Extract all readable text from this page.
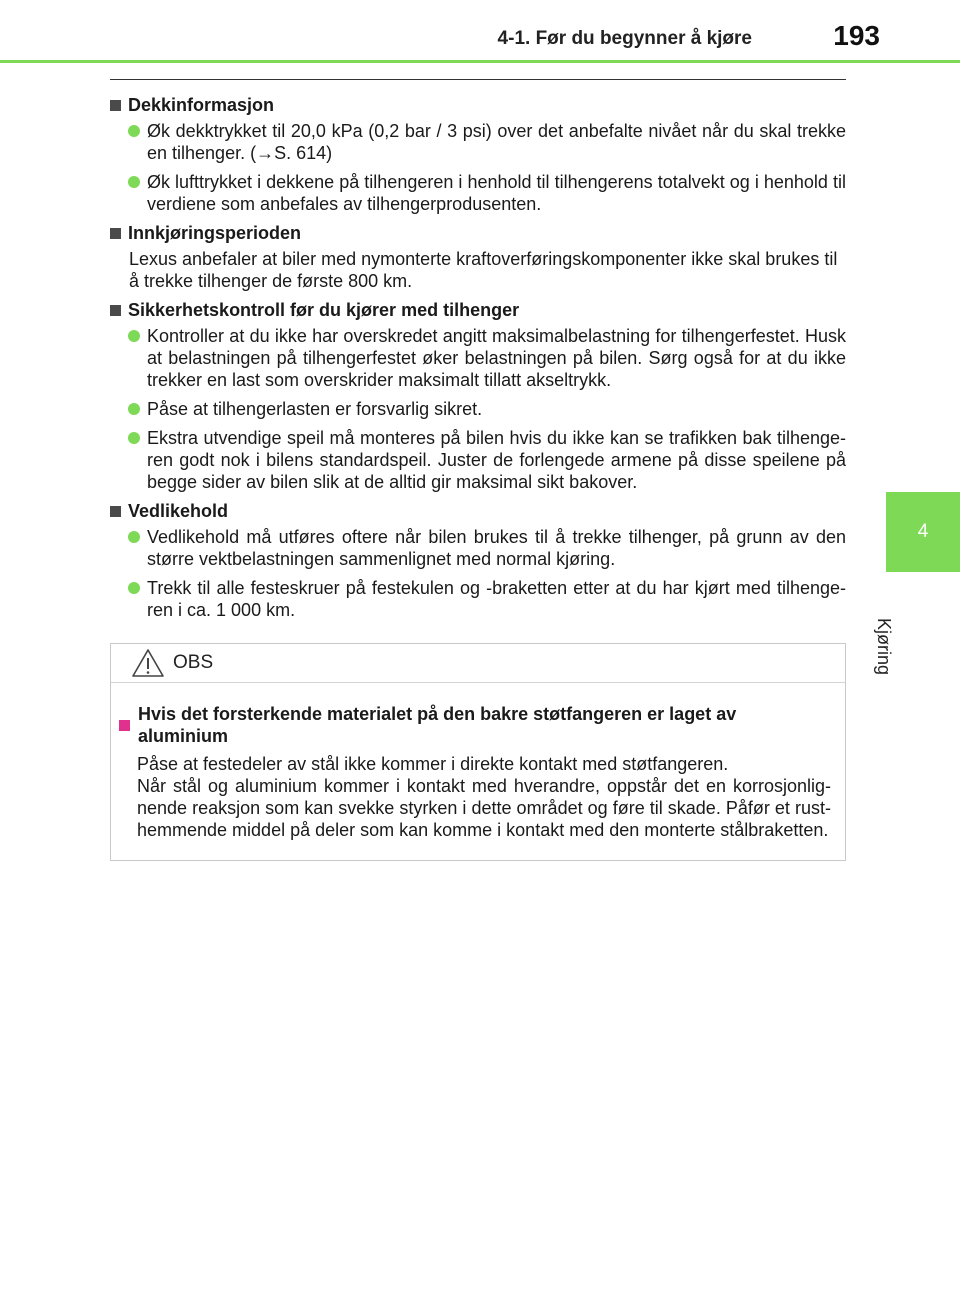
4-1. Før du begynner å kjøre	193
4
Kjøring
Dekkinformasjon
Øk dekktrykket til 20,0 kPa (0,2 bar / 3 psi) over det anbefalte nivået når du skal trekke en tilhenger. (→S. 614)
Øk lufttrykket i dekkene på tilhengeren i henhold til tilhengerens totalvekt og i henhold til verdiene som anbefales av tilhengerprodusenten.
Innkjøringsperioden
Lexus anbefaler at biler med nymonterte kraftoverføringskomponenter ikke skal brukes til å trekke tilhenger de første 800 km.
Sikkerhetskontroll før du kjører med tilhenger
Kontroller at du ikke har overskredet angitt maksimalbelastning for tilhengerfestet. Husk at belastningen på tilhengerfestet øker belastningen på bilen. Sørg også for at du ikke trekker en last som overskrider maksimalt tillatt akseltrykk.
Påse at tilhengerlasten er forsvarlig sikret.
Ekstra utvendige speil må monteres på bilen hvis du ikke kan se trafikken bak tilhengeren godt nok i bilens standardspeil. Juster de forlengede armene på disse speilene på begge sider av bilen slik at de alltid gir maksimal sikt bakover.
Vedlikehold
Vedlikehold må utføres oftere når bilen brukes til å trekke tilhenger, på grunn av den større vektbelastningen sammenlignet med normal kjøring.
Trekk til alle festeskruer på festekulen og -braketten etter at du har kjørt med tilhengeren i ca. 1 000 km.
OBS
Hvis det forsterkende materialet på den bakre støtfangeren er laget av aluminium

Påse at festedeler av stål ikke kommer i direkte kontakt med støtfangeren.

Når stål og aluminium kommer i kontakt med hverandre, oppstår det en korrosjonlignende reaksjon som kan svekke styrken i dette området og føre til skade. Påfør et rusthemmende middel på deler som kan komme i kontakt med den monterte stålbraketten.
